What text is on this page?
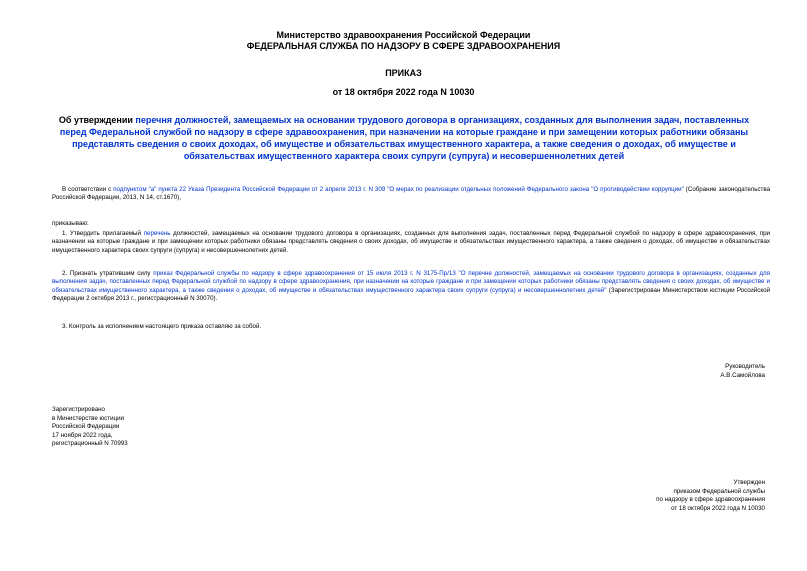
Министерство здравоохранения Российской Федерации
ФЕДЕРАЛЬНАЯ СЛУЖБА ПО НАДЗОРУ В СФЕРЕ ЗДРАВООХРАНЕНИЯ
ПРИКАЗ
от 18 октября 2022 года N 10030
Об утверждении перечня должностей, замещаемых на основании трудового договора в организациях, созданных для выполнения задач, поставленных перед Федеральной службой по надзору в сфере здравоохранения, при назначении на которые граждане и при замещении которых работники обязаны представлять сведения о своих доходах, об имуществе и обязательствах имущественного характера, а также сведения о доходах, об имуществе и обязательствах имущественного характера своих супруги (супруга) и несовершеннолетних детей
В соответствии с подпунктом "а" пункта 22 Указа Президента Российской Федерации от 2 апреля 2013 г. N 309 "О мерах по реализации отдельных положений Федерального закона "О противодействии коррупции" (Собрание законодательства Российской Федерации, 2013, N 14, ст.1670),
приказываю:
1. Утвердить прилагаемый перечень должностей, замещаемых на основании трудового договора в организациях, созданных для выполнения задач, поставленных перед Федеральной службой по надзору в сфере здравоохранения, при назначении на которые граждане и при замещении которых работники обязаны представлять сведения о своих доходах, об имуществе и обязательствах имущественного характера, а также сведения о доходах, об имуществе и обязательствах имущественного характера своих супруги (супруга) и несовершеннолетних детей.
2. Признать утратившим силу приказ Федеральной службы по надзору в сфере здравоохранения от 15 июля 2013 г. N 3175-Пр/13 "О перечне должностей, замещаемых на основании трудового договора в организациях, созданных для выполнения задач, поставленных перед Федеральной службой по надзору в сфере здравоохранения, при назначении на которые граждане и при замещении которых работники обязаны представлять сведения о своих доходах, об имуществе и обязательствах имущественного характера, а также сведения о доходах, об имуществе и обязательствах имущественного характера своих супруги (супруга) и несовершеннолетних детей" (Зарегистрирован Министерством юстиции Российской Федерации 2 октября 2013 г., регистрационный N 30070).
3. Контроль за исполнением настоящего приказа оставляю за собой.
Руководитель
А.В.Самойлова
Зарегистрировано
в Министерстве юстиции
Российской Федерации
17 ноября 2022 года,
регистрационный N 70993
Утвержден
приказом Федеральной службы
по надзору в сфере здравоохранения
от 18 октября 2022 года N 10030
